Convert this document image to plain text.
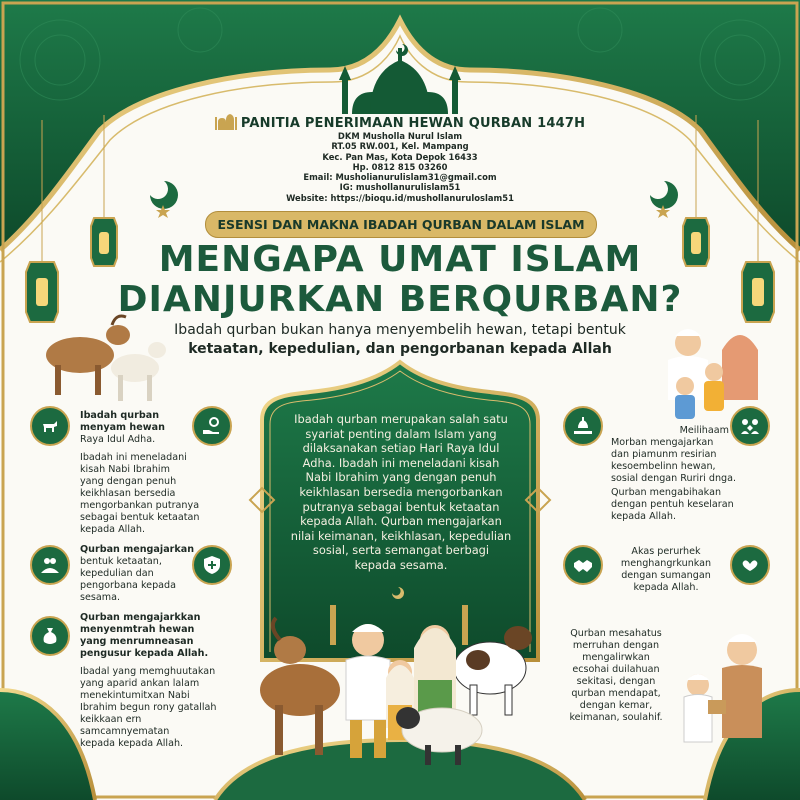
PANITIA PENERIMAAN HEWAN QURBAN 1447H
DKM Musholla Nurul Islam
RT.05 RW.001, Kel. Mampang
Kec. Pan Mas, Kota Depok 16433
Hp. 0812 815 03260
Email: Musholianurulislam31@gmail.com
IG: mushollanurulislam51
Website: https://bioqu.id/mushollanuruloslam51
ESENSI DAN MAKNA IBADAH QURBAN DALAM ISLAM
MENGAPA UMAT ISLAM
DIANJURKAN BERQURBAN?
Ibadah qurban bukan hanya menyembelih hewan, tetapi bentuk
ketaatan, kepedulian, dan pengorbanan kepada Allah
Ibadah qurban
menyam hewan
Raya Idul Adha.
Ibadah ini meneladani
kisah Nabi Ibrahim
yang dengan penuh
keikhlasan bersedia
mengorbankan putranya
sebagai bentuk ketaatan
kepada Allah.
Qurban mengajarkan
bentuk ketaatan,
kepedulian dan
pengorbana kepada
sesama.
Qurban mengajarkkan
menyenmtrah hewan
yang menrumneasan
pengusur kepada Allah.
Ibadal yang memghuutakan
yang aparid ankan lalam
menekintumitxan Nabi
Ibrahim begun rony gatallah
keikkaan ern samcamnyematan
kepada kepada Allah.
Ibadah qurban merupakan salah satu
syariat penting dalam Islam yang
dilaksanakan setiap Hari Raya Idul
Adha. Ibadah ini meneladani kisah
Nabi Ibrahim yang dengan penuh
keikhlasan bersedia mengorbankan
putranya sebagai bentuk ketaatan
kepada Allah. Qurban mengajarkan
nilai keimanan, keikhlasan, kepedulian
sosial, serta semangat berbagi
kepada sesama.
Meilihaam
Morban mengajarkan
dan piamunm resirian
kesoembelinn hewan,
sosial dengan Ruriri dnga.
Qurban mengabihakan
dengan pentuh keselaran
kepada Allah.
Akas perurhek
menghangrkunkan
dengan sumangan
kepada Allah.
Qurban mesahatus
merruhan dengan
mengalirwkan
ecsohai duilahuan
sekitasi, dengan
qurban mendapat,
dengan kemar,
keimanan, soulahif.
